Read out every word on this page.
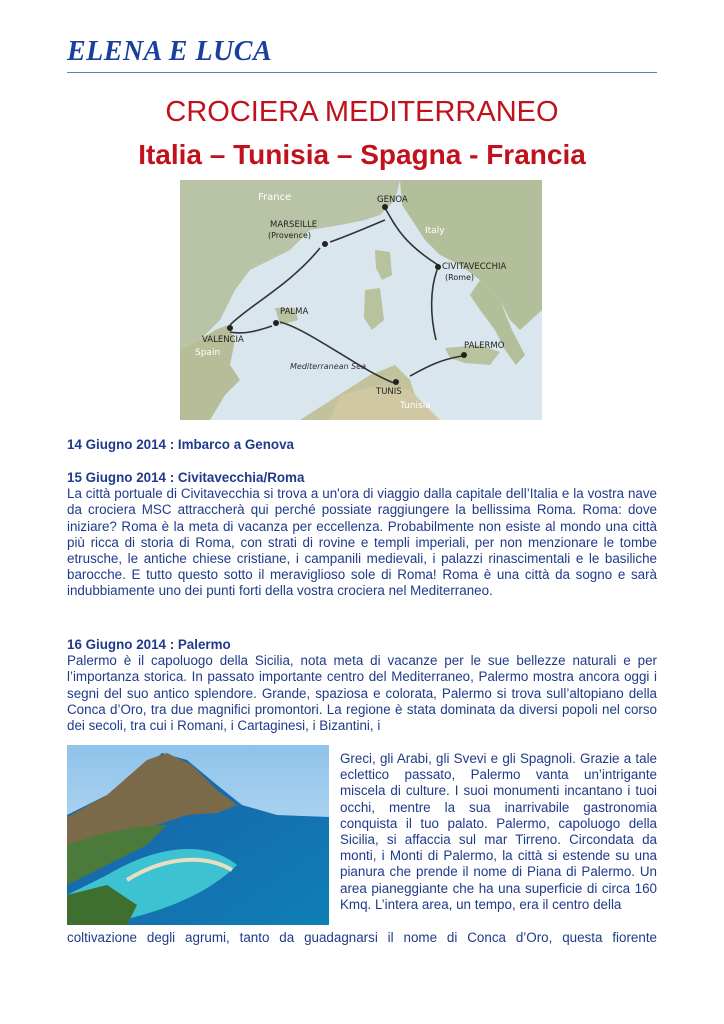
ELENA E LUCA
CROCIERA MEDITERRANEO
Italia – Tunisia – Spagna - Francia
France
Italy
Spain
Tunisia
Mediterranean Sea
GENOA
MARSEILLE
(Provence)
CIVITAVECCHIA
(Rome)
PALERMO
TUNIS
PALMA
VALENCIA
14 Giugno 2014 : Imbarco a Genova
15 Giugno 2014 : Civitavecchia/Roma

La città portuale di Civitavecchia si trova a un'ora di viaggio dalla capitale dell’Italia e la vostra nave da crociera MSC attraccherà qui perché possiate raggiungere la bellissima Roma. Roma: dove iniziare? Roma è la meta di vacanza per eccellenza. Probabilmente non esiste al mondo una città più ricca di storia di Roma, con strati di rovine e templi imperiali, per non menzionare le tombe etrusche, le antiche chiese cristiane, i campanili medievali, i palazzi rinascimentali e le basiliche barocche. E tutto questo sotto il meraviglioso sole di Roma! Roma è una città da sogno e sarà indubbiamente uno dei punti forti della vostra crociera nel Mediterraneo.

16 Giugno 2014 : Palermo

Palermo è il capoluogo della Sicilia, nota meta di vacanze per le sue bellezze naturali e per l’importanza storica. In passato importante centro del Mediterraneo, Palermo mostra ancora oggi i segni del suo antico splendore. Grande, spaziosa e colorata, Palermo si trova sull’altopiano della Conca d’Oro, tra due magnifici promontori. La regione è stata dominata da diversi popoli nel corso dei secoli, tra cui i Romani, i Cartaginesi, i Bizantini, i

Greci, gli Arabi, gli Svevi e gli Spagnoli. Grazie a tale eclettico passato, Palermo vanta un’intrigante miscela di culture. I suoi monumenti incantano i tuoi occhi, mentre la sua inarrivabile gastronomia conquista il tuo palato. Palermo, capoluogo della Sicilia, si affaccia sul mar Tirreno. Circondata da monti, i Monti di Palermo, la città si estende su una pianura che prende il nome di Piana di Palermo. Un area pianeggiante che ha una superficie di circa 160 Kmq. L’intera area, un tempo, era il centro della
coltivazione degli agrumi, tanto da guadagnarsi il nome di Conca d’Oro, questa fiorente
